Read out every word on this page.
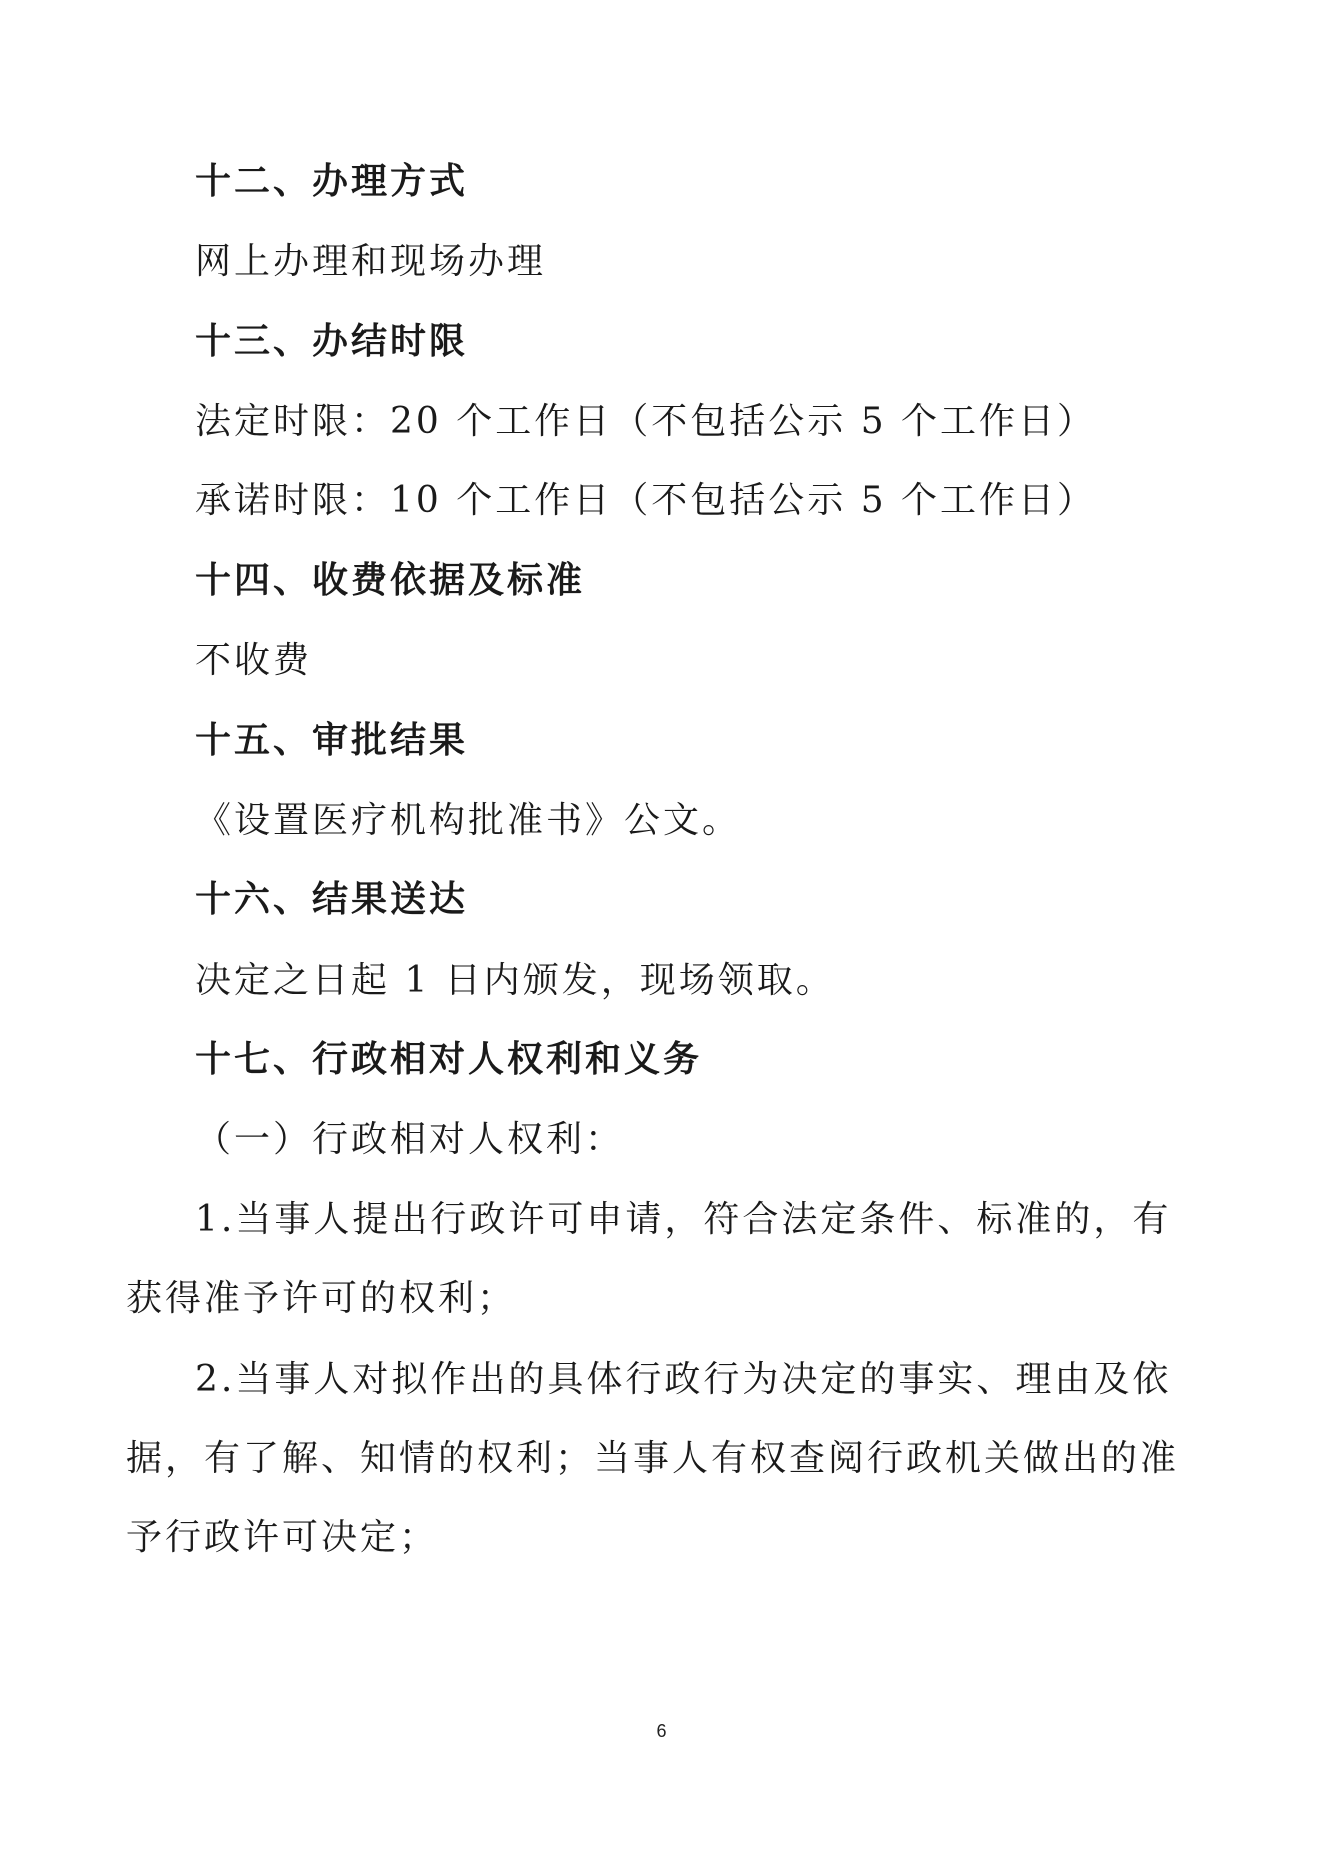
十二、办理方式
网上办理和现场办理
十三、办结时限
法定时限：20 个工作日（不包括公示 5 个工作日）
承诺时限：10 个工作日（不包括公示 5 个工作日）
十四、收费依据及标准
不收费
十五、审批结果
《设置医疗机构批准书》公文。
十六、结果送达
决定之日起 1 日内颁发，现场领取。
十七、行政相对人权利和义务
（一）行政相对人权利：
1.当事人提出行政许可申请，符合法定条件、标准的，有获得准予许可的权利；
2.当事人对拟作出的具体行政行为决定的事实、理由及依据，有了解、知情的权利；当事人有权查阅行政机关做出的准予行政许可决定；
6
